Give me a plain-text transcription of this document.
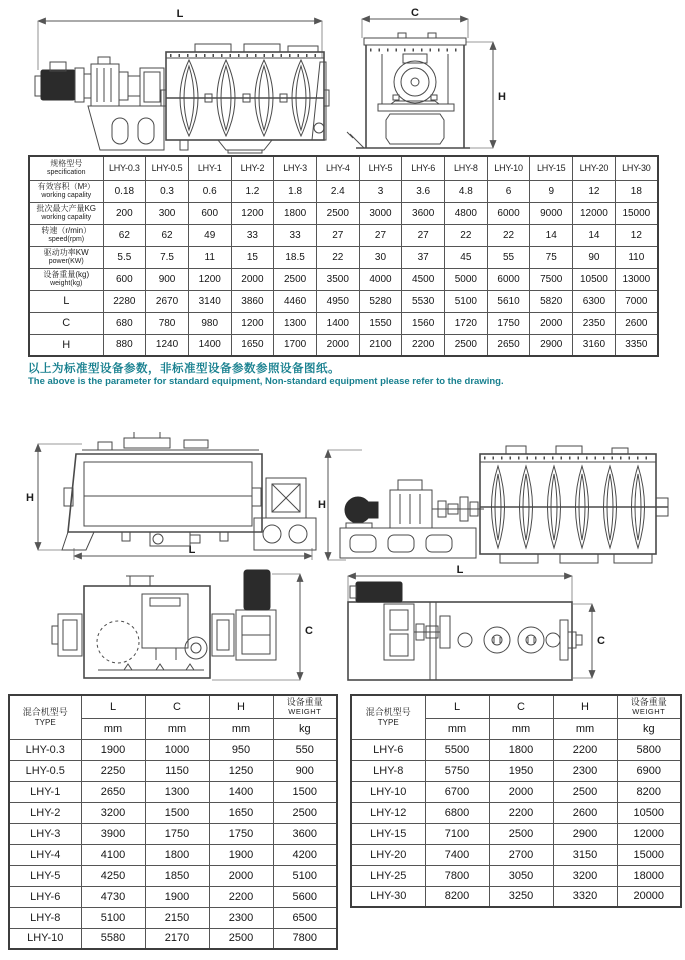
L	C
H
规格型号
specification	LHY-0.3	LHY-0.5	LHY-1	LHY-2	LHY-3	LHY-4	LHY-5	LHY-6	LHY-8	LHY-10	LHY-15	LHY-20	LHY-30

有效容积（M³）
working capality	0.18	0.3	0.6	1.2	1.8	2.4	3	3.6	4.8	6	9	12	18

批次最大产量KG
working capality	200	300	600	1200	1800	2500	3000	3600	4800	6000	9000	12000	15000

转速（r/min）
speed(rpm)	62	62	49	33	33	27	27	27	22	22	14	14	12

驱动功率KW
power(KW)	5.5	7.5	11	15	18.5	22	30	37	45	55	75	90	110

设备重量(kg)
weight(kg)	600	900	1200	2000	2500	3500	4000	4500	5000	6000	7500	10500	13000

L	2280	2670	3140	3860	4460	4950	5280	5530	5100	5610	5820	6300	7000

C	680	780	980	1200	1300	1400	1550	1560	1720	1750	2000	2350	2600

H	880	1240	1400	1650	1700	2000	2100	2200	2500	2650	2900	3160	3350
以上为标准型设备参数，非标准型设备参数参照设备图纸。
The above is the parameter for standard equipment, Non-standard equipment please refer to the drawing.
H
L
H
C
L
C
混合机型号
TYPE
	L	C	H	设备重量
WEIGHT

	mm	mm	mm	kg
LHY-0.3	1900	1000	950	550
LHY-0.5	2250	1150	1250	900
LHY-1	2650	1300	1400	1500
LHY-2	3200	1500	1650	2500
LHY-3	3900	1750	1750	3600
LHY-4	4100	1800	1900	4200
LHY-5	4250	1850	2000	5100
LHY-6	4730	1900	2200	5600
LHY-8	5100	2150	2300	6500
LHY-10	5580	2170	2500	7800
混合机型号
TYPE
	L	C	H	设备重量
WEIGHT

	mm	mm	mm	kg
LHY-6	5500	1800	2200	5800
LHY-8	5750	1950	2300	6900
LHY-10	6700	2000	2500	8200
LHY-12	6800	2200	2600	10500
LHY-15	7100	2500	2900	12000
LHY-20	7400	2700	3150	15000
LHY-25	7800	3050	3200	18000
LHY-30	8200	3250	3320	20000
